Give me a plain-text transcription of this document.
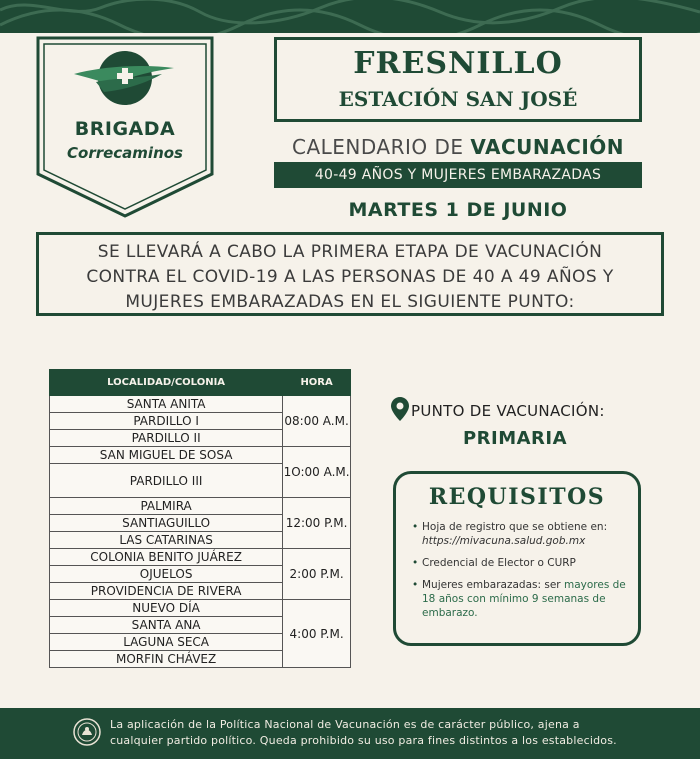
BRIGADA
Correcaminos
FRESNILLO
ESTACIÓN SAN JOSÉ
CALENDARIO DE VACUNACIÓN
40-49 AÑOS Y MUJERES EMBARAZADAS
MARTES 1 DE JUNIO

SE LLEVARÁ A CABO LA PRIMERA ETAPA DE VACUNACIÓN
CONTRA EL COVID-19 A LAS PERSONAS DE 40 A 49 AÑOS Y
MUJERES EMBARAZADAS EN EL SIGUIENTE PUNTO:

LOCALIDAD/COLONIA	HORA
SANTA ANITA	08:00 A.M.
PARDILLO I	
PARDILLO II	
SAN MIGUEL DE SOSA	1O:00 A.M.
PARDILLO III	
PALMIRA	12:00 P.M.
SANTIAGUILLO	
LAS CATARINAS	
COLONIA BENITO JUÁREZ	2:00 P.M.
OJUELOS	
PROVIDENCIA DE RIVERA	
NUEVO DÍA	4:00 P.M.
SANTA ANA	
LAGUNA SECA	
MORFIN CHÁVEZ	
PUNTO DE VACUNACIÓN:
PRIMARIA
REQUISITOS
• Hoja de registro que se obtiene en: https://mivacuna.salud.gob.mx
• Credencial de Elector o CURP
• Mujeres embarazadas: ser mayores de 18 años con mínimo 9 semanas de embarazo.
La aplicación de la Política Nacional de Vacunación es de carácter público, ajena a
cualquier partido político. Queda prohibido su uso para fines distintos a los establecidos.
